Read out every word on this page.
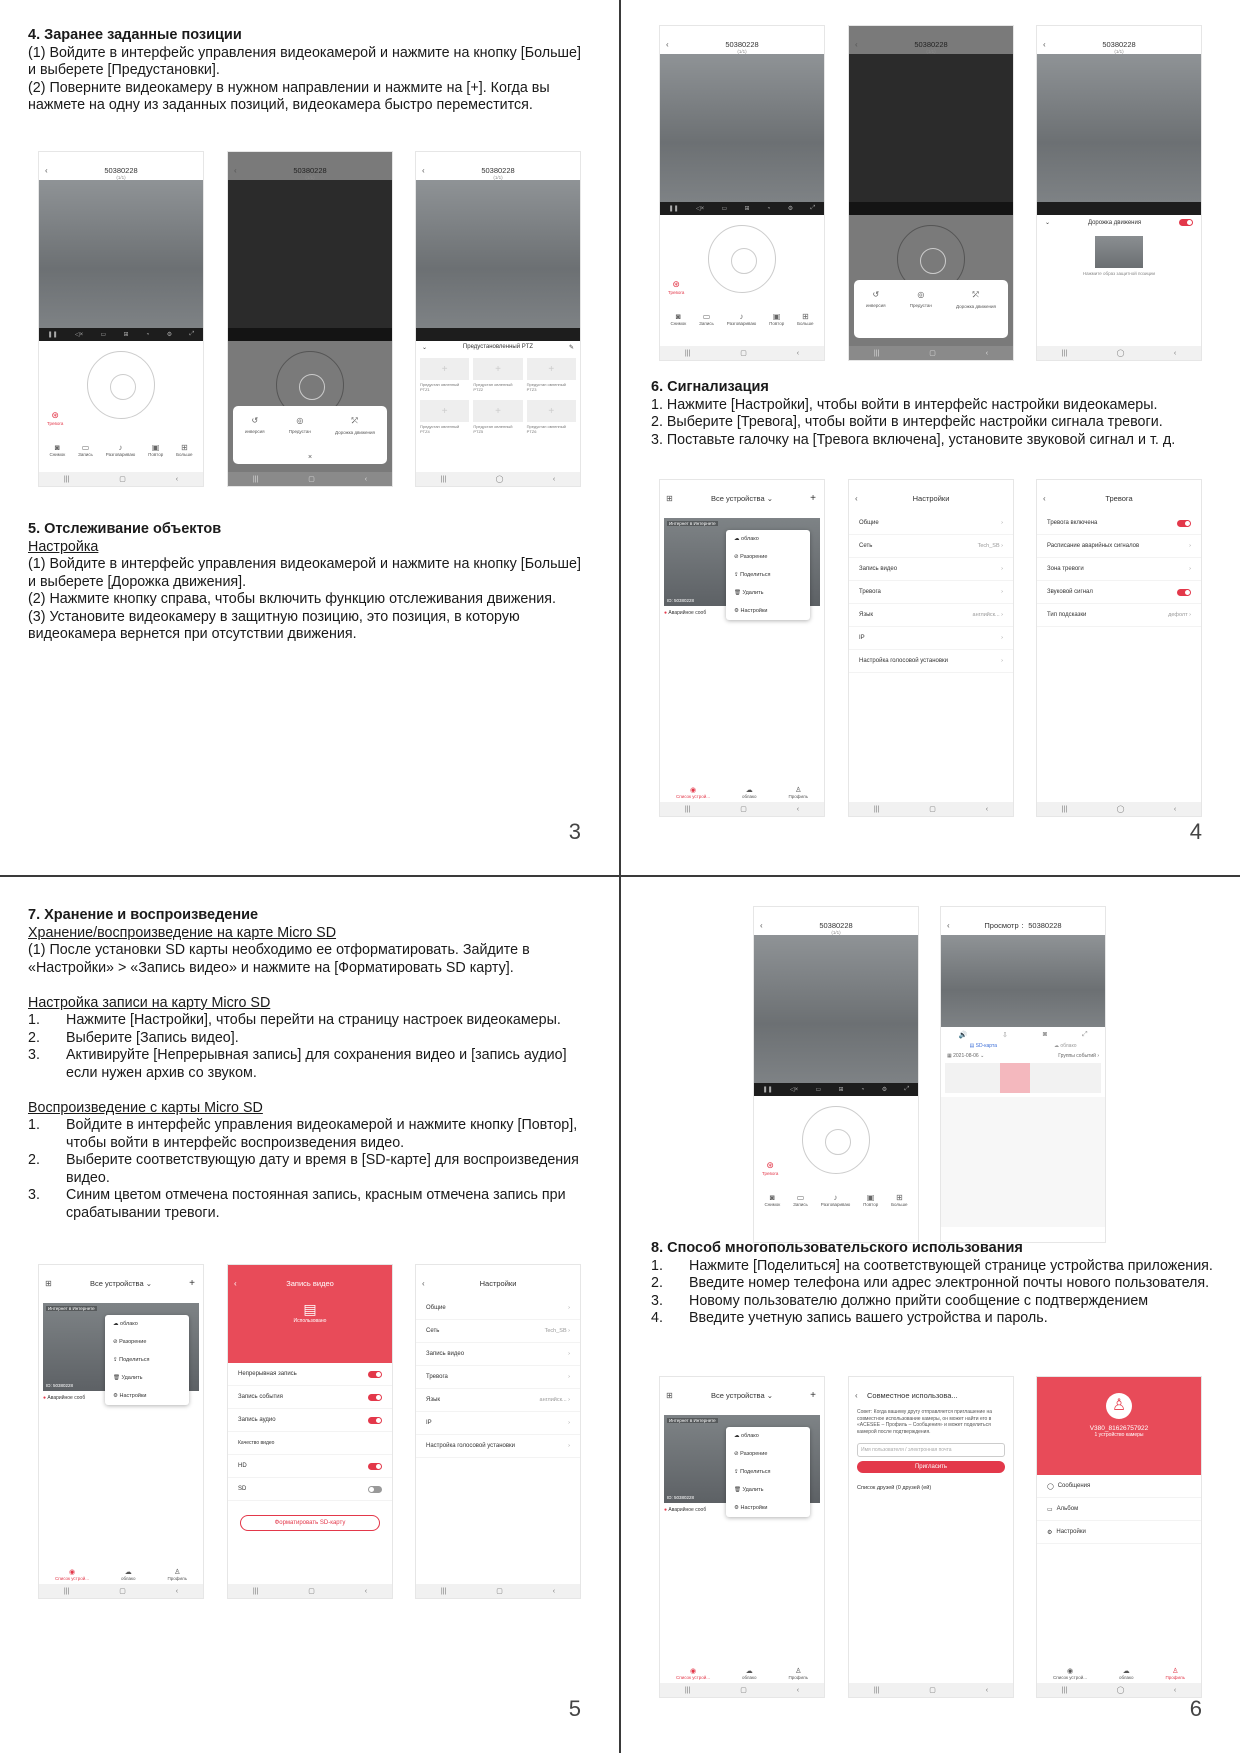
4. Заранее заданные позиции

(1) Войдите в интерфейс управления видеокамерой и нажмите на кнопку [Больше] и выберете [Предустановки].

(2) Поверните видеокамеру в нужном направлении и нажмите на [+]. Когда вы нажмете на одну из заданных позиций, видеокамера быстро переместится.

5. Отслеживание объектов

Настройка

(1) Войдите в интерфейс управления видеокамерой и нажмите на кнопку [Больше] и выберете [Дорожка движения].

(2) Нажмите кнопку справа, чтобы включить функцию отслеживания движения.

(3) Установите видеокамеру в защитную позицию, это позиция, в которую видеокамера вернется при отсутствии движения.

‹	50380228
(1/1)
❚❚	◁×	▭	⊞	◔	⚙	⤢
⊛
Тревога
◙
Снимок
▭
Запись
♪
Разговариваю
▣
Повтор
⊞
Больше
|||	▢	‹
‹	50380228
(1/1)
↺
инверсия
◎
Предустан
⤱
Дорожка движения
×
|||	▢	‹
‹	50380228
(1/1)
⌄	Предустановленный PTZ	✎
+
Предустан овленный PTZ1
+
Предустан овленный PTZ2
+
Предустан овленный PTZ3
+
Предустан овленный PTZ4
+
Предустан овленный PTZ5
+
Предустан овленный PTZ6
|||	◯	‹
3
‹	50380228
(1/1)
❚❚	◁×	▭	⊞	◔	⚙	⤢
⊛
Тревога
◙
Снимок
▭
Запись
♪
Разговариваю
▣
Повтор
⊞
Больше
|||	▢	‹
‹	50380228
(1/1)
↺
инверсия
◎
Предустан
⤱
Дорожка движения
|||	▢	‹
‹	50380228
(1/1)
⌄	Дорожка движения
Нажмите образ защитной позиции
|||	◯	‹

6. Сигнализация

1. Нажмите [Настройки], чтобы войти в интерфейс настройки видеокамеры.

2. Выберите [Тревога], чтобы войти в интерфейс настройки сигнала тревоги.

3. Поставьте галочку на [Тревога включена], установите звуковой сигнал и т. д.

⊞	Все устройства ⌄	+
Интернет в Интернете
ID: 50380228
● Аварийное сооб
☁
облако
⊘
Разорение
⇪
Поделиться
🗑
Удалить
⚙
Настройки
◉
Список устрой...
☁
облако
♙
Профиль
|||	▢	‹
‹	Настройки
Общие	›
Сеть	Tech_SB ›
Запись видео	›
Тревога	›
Язык	английск... ›
IP	›
Настройка голосовой установки	›
|||	▢	‹
‹	Тревога
Тревога включена
Расписание аварийных сигналов	›
Зона тревоги	›
Звуковой сигнал
Тип подсказки	дефолт ›
|||	◯	‹
4

7. Хранение и воспроизведение

Хранение/воспроизведение на карте Micro SD

(1) После установки SD карты необходимо ее отформатировать. Зайдите в «Настройки» > «Запись видео» и нажмите на [Форматировать SD карту].

Настройка записи на карту Micro SD

1.	Нажмите [Настройки], чтобы перейти на страницу настроек видеокамеры.
2.	Выберите [Запись видео].
3.	Активируйте [Непрерывная запись] для сохранения видео и [запись аудио] если нужен архив со звуком.

Воспроизведение с карты Micro SD

1.	Войдите в интерфейс управления видеокамерой и нажмите кнопку [Повтор], чтобы войти в интерфейс воспроизведения видео.
2.	Выберите соответствующую дату и время в [SD-карте] для воспроизведения видео.
3.	Синим цветом отмечена постоянная запись, красным отмечена запись при срабатывании тревоги.
⊞	Все устройства ⌄	+
Интернет в Интернете
ID: 50380228
● Аварийное сооб
☁
облако
⊘
Разорение
⇪
Поделиться
🗑
Удалить
⚙
Настройки
◉
Список устрой...
☁
облако
♙
Профиль
|||	▢	‹
‹	Запись видео
▤
Использовано
Непрерывная запись
Запись события
Запись аудио
Качество видео
HD
SD
Форматировать SD-карту
|||	▢	‹
‹	Настройки
Общие	›
Сеть	Tech_SB ›
Запись видео	›
Тревога	›
Язык	английск... ›
IP	›
Настройка голосовой установки	›
|||	▢	‹
5
‹	50380228
(1/1)
❚❚	◁×	▭	⊞	◔	⚙	⤢
⊛
Тревога
◙
Снимок
▭
Запись
♪
Разговариваю
▣
Повтор
⊞
Больше
‹	Просмотр ：50380228
🔊	⇩	◙	⤢
▤ SD-карта	☁ облако
▦ 2021-08-06 ⌄	Группы событий ›

8. Способ многопользовательского использования

1.	Нажмите [Поделиться] на соответствующей странице устройства приложения.
2.	Введите номер телефона или адрес электронной почты нового пользователя.
3.	Новому пользователю должно прийти сообщение с подтверждением
4.	Введите учетную запись вашего устройства и пароль.
⊞	Все устройства ⌄	+
Интернет в Интернете
ID: 50380228
● Аварийное сооб
☁
облако
⊘
Разорение
⇪
Поделиться
🗑
Удалить
⚙
Настройки
◉
Список устрой...
☁
облако
♙
Профиль
|||	▢	‹
‹ Совместное использова...
Совет: Когда вашему другу отправляется приглашение на совместное использование камеры, он может найти его в «ACESEE – Профиль – Сообщения» и может поделиться камерой после подтверждения.
Имя пользователя / электронная почта
Пригласить
Список друзей (0 друзей (ей)
|||	▢	‹
♙
V380_81626757922
1 устройство камеры
◯ Сообщения
▭ Альбом
⚙ Настройки
◉
Список устрой...
☁
облако
♙
Профиль
|||	◯	‹
6
